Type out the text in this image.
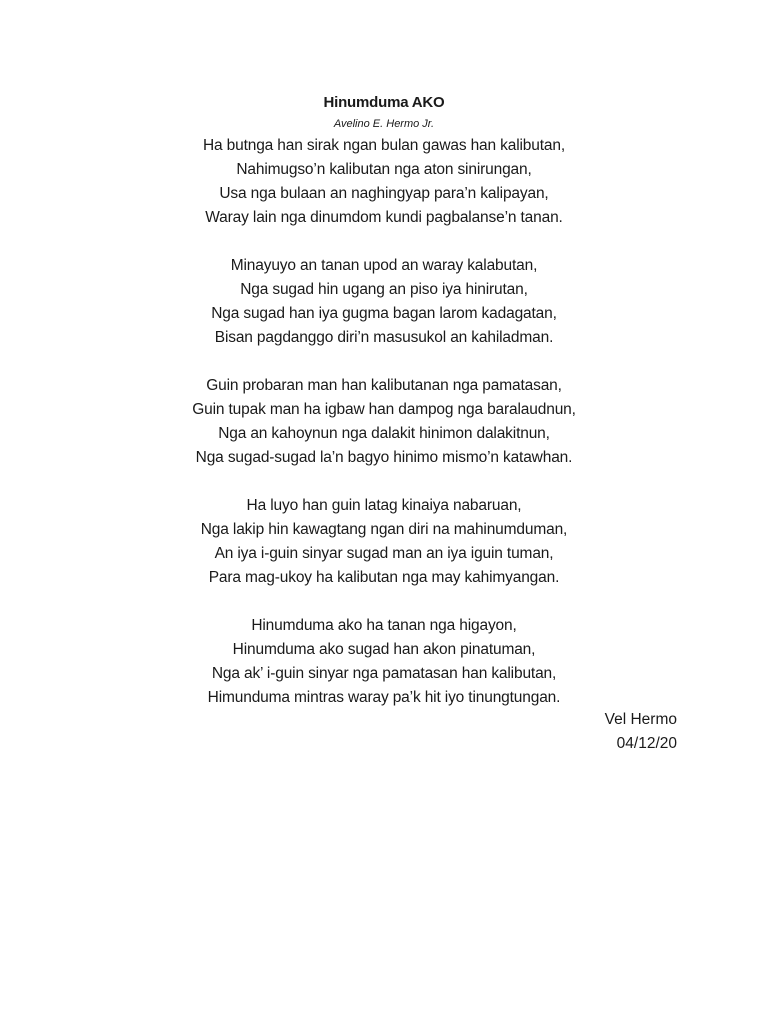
Hinumduma AKO
Avelino E. Hermo Jr.
Ha butnga han sirak ngan bulan gawas han kalibutan,
Nahimugso’n kalibutan nga aton sinirungan,
Usa nga bulaan an naghingyap para’n kalipayan,
Waray lain nga dinumdom kundi pagbalanse’n tanan.
Minayuyo an tanan upod an waray kalabutan,
Nga sugad hin ugang an piso iya hinirutan,
Nga sugad han iya gugma bagan larom kadagatan,
Bisan pagdanggo diri’n masusukol an kahiladman.
Guin probaran man han kalibutanan nga pamatasan,
Guin tupak man ha igbaw han dampog nga baralaudnun,
Nga an kahoynun nga dalakit hinimon dalakitnun,
Nga sugad-sugad la’n bagyo hinimo mismo’n katawhan.
Ha luyo han guin latag kinaiya nabaruan,
Nga lakip hin kawagtang ngan diri na mahinumduman,
An iya i-guin sinyar sugad man an iya iguin tuman,
Para mag-ukoy ha kalibutan nga may kahimyangan.
Hinumduma ako ha tanan nga higayon,
Hinumduma ako sugad han akon pinatuman,
Nga ak’ i-guin sinyar nga pamatasan han kalibutan,
Himunduma mintras waray pa’k hit iyo tinungtungan.
Vel Hermo
04/12/20
